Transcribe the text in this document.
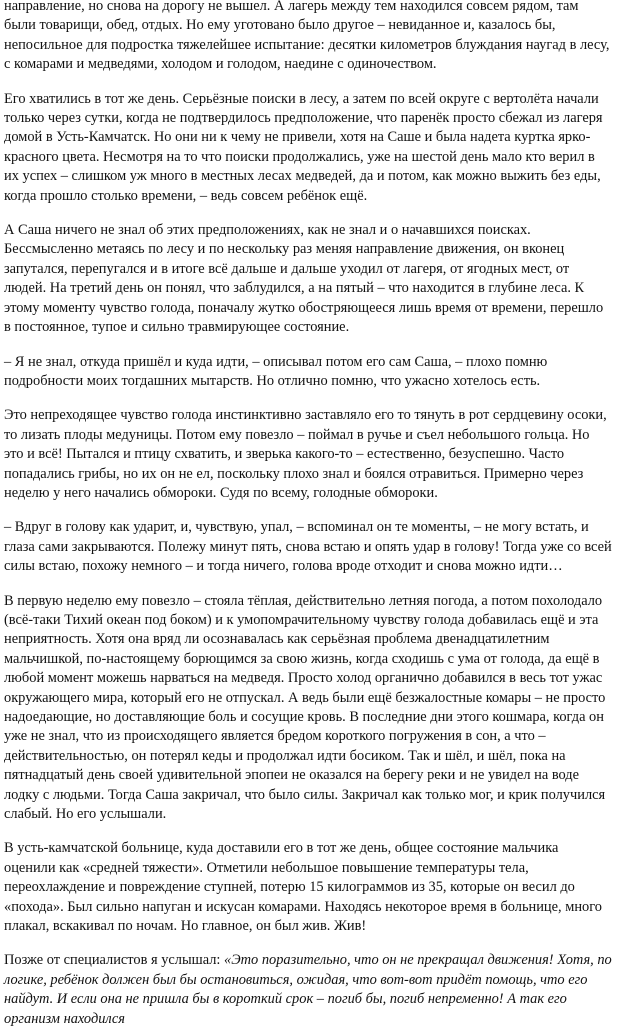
направление, но снова на дорогу не вышел. А лагерь между тем находился совсем рядом, там были товарищи, обед, отдых. Но ему уготовано было другое – невиданное и, казалось бы, непосильное для подростка тяжелейшее испытание: десятки километров блуждания наугад в лесу, с комарами и медведями, холодом и голодом, наедине с одиночеством.

Его хватились в тот же день. Серьёзные поиски в лесу, а затем по всей округе с вертолёта начали только через сутки, когда не подтвердилось предположение, что паренёк просто сбежал из лагеря домой в Усть-Камчатск. Но они ни к чему не привели, хотя на Саше и была надета куртка ярко-красного цвета. Несмотря на то что поиски продолжались, уже на шестой день мало кто верил в их успех – слишком уж много в местных лесах медведей, да и потом, как можно выжить без еды, когда прошло столько времени, – ведь совсем ребёнок ещё.

А Саша ничего не знал об этих предположениях, как не знал и о начавшихся поисках. Бессмысленно метаясь по лесу и по нескольку раз меняя направление движения, он вконец запутался, перепугался и в итоге всё дальше и дальше уходил от лагеря, от ягодных мест, от людей. На третий день он понял, что заблудился, а на пятый – что находится в глубине леса. К этому моменту чувство голода, поначалу жутко обостряющееся лишь время от времени, перешло в постоянное, тупое и сильно травмирующее состояние.

– Я не знал, откуда пришёл и куда идти, – описывал потом его сам Саша, – плохо помню подробности моих тогдашних мытарств. Но отлично помню, что ужасно хотелось есть.

Это непреходящее чувство голода инстинктивно заставляло его то тянуть в рот сердцевину осоки, то лизать плоды медуницы. Потом ему повезло – поймал в ручье и съел небольшого гольца. Но это и всё! Пытался и птицу схватить, и зверька какого-то – естественно, безуспешно. Часто попадались грибы, но их он не ел, поскольку плохо знал и боялся отравиться. Примерно через неделю у него начались обмороки. Судя по всему, голодные обмороки.

– Вдруг в голову как ударит, и, чувствую, упал, – вспоминал он те моменты, – не могу встать, и глаза сами закрываются. Полежу минут пять, снова встаю и опять удар в голову! Тогда уже со всей силы встаю, похожу немного – и тогда ничего, голова вроде отходит и снова можно идти…

В первую неделю ему повезло – стояла тёплая, действительно летняя погода, а потом похолодало (всё-таки Тихий океан под боком) и к умопомрачительному чувству голода добавилась ещё и эта неприятность. Хотя она вряд ли осознавалась как серьёзная проблема двенадцатилетним мальчишкой, по-настоящему борющимся за свою жизнь, когда сходишь с ума от голода, да ещё в любой момент можешь нарваться на медведя. Просто холод органично добавился в весь тот ужас окружающего мира, который его не отпускал. А ведь были ещё безжалостные комары – не просто надоедающие, но доставляющие боль и сосущие кровь. В последние дни этого кошмара, когда он уже не знал, что из происходящего является бредом короткого погружения в сон, а что – действительностью, он потерял кеды и продолжал идти босиком. Так и шёл, и шёл, пока на пятнадцатый день своей удивительной эпопеи не оказался на берегу реки и не увидел на воде лодку с людьми. Тогда Саша закричал, что было силы. Закричал как только мог, и крик получился слабый. Но его услышали.

В усть-камчатской больнице, куда доставили его в тот же день, общее состояние мальчика оценили как «средней тяжести». Отметили небольшое повышение температуры тела, переохлаждение и повреждение ступней, потерю 15 килограммов из 35, которые он весил до «похода». Был сильно напуган и искусан комарами. Находясь некоторое время в больнице, много плакал, вскакивал по ночам. Но главное, он был жив. Жив!

Позже от специалистов я услышал: «Это поразительно, что он не прекращал движения! Хотя, по логике, ребёнок должен был бы остановиться, ожидая, что вот-вот придёт помощь, что его найдут. И если она не пришла бы в короткий срок – погиб бы, погиб непременно! А так его организм находился
